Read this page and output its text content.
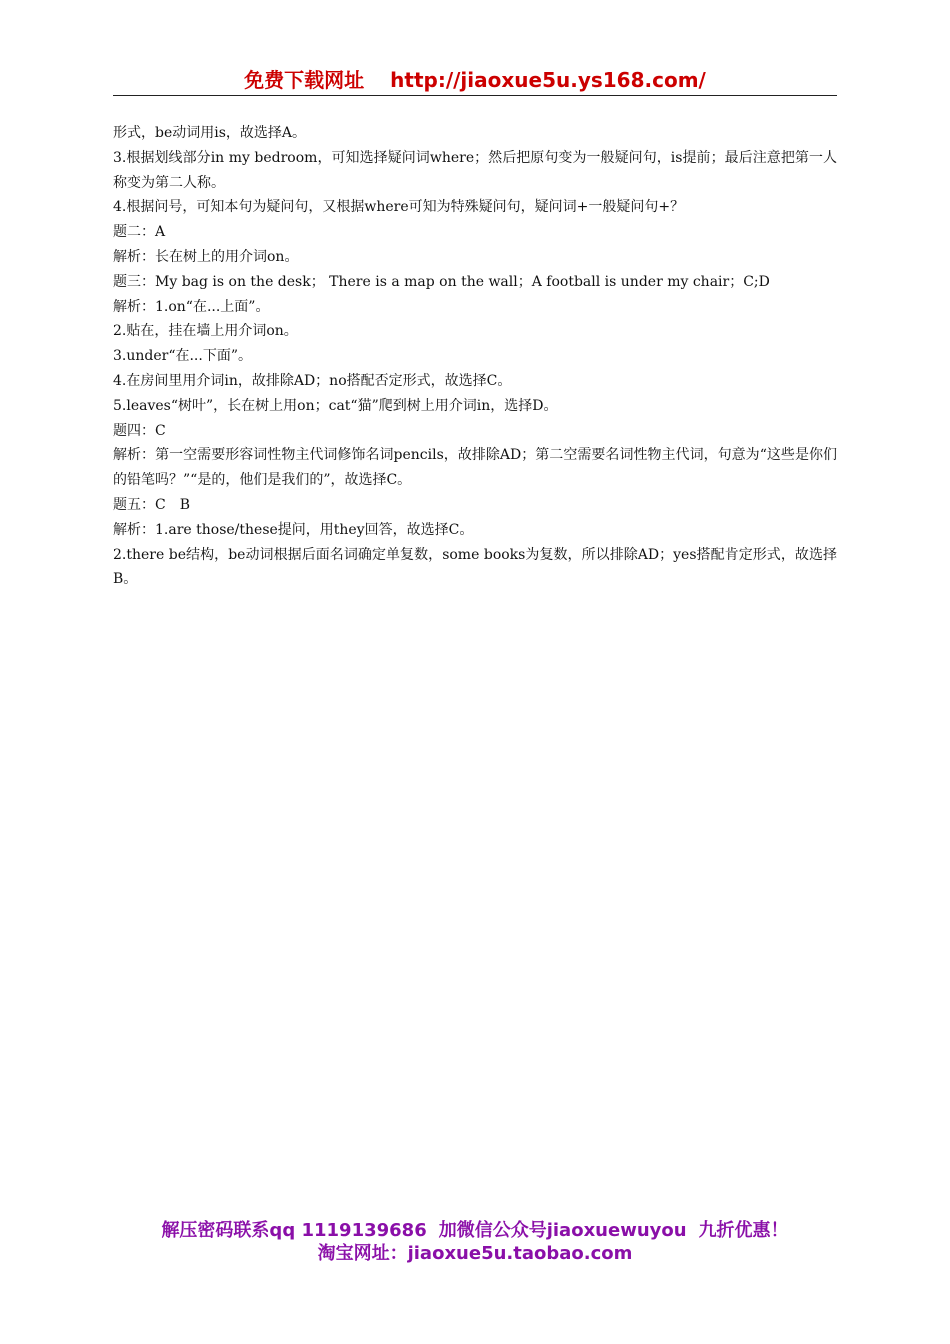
免费下载网址 http://jiaoxue5u.ys168.com/

形式，be动词用is，故选择A。

3.根据划线部分in my bedroom，可知选择疑问词where；然后把原句变为一般疑问句，is提前；最后注意把第一人称变为第二人称。

4.根据问号，可知本句为疑问句，又根据where可知为特殊疑问句，疑问词+一般疑问句+？

题二：A

解析：长在树上的用介词on。

题三：My bag is on the desk； There is a map on the wall；A football is under my chair；C;D

解析：1.on“在...上面”。

2.贴在，挂在墙上用介词on。

3.under“在...下面”。

4.在房间里用介词in，故排除AD；no搭配否定形式，故选择C。

5.leaves“树叶”，长在树上用on；cat“猫”爬到树上用介词in，选择D。

题四：C

解析：第一空需要形容词性物主代词修饰名词pencils，故排除AD；第二空需要名词性物主代词，句意为“这些是你们的铅笔吗？”“是的，他们是我们的”，故选择C。

题五：C　B

解析：1.are those/these提问，用they回答，故选择C。

2.there be结构，be动词根据后面名词确定单复数，some books为复数，所以排除AD；yes搭配肯定形式，故选择B。

解压密码联系qq 1119139686 加微信公众号jiaoxuewuyou 九折优惠！
淘宝网址：jiaoxue5u.taobao.com
